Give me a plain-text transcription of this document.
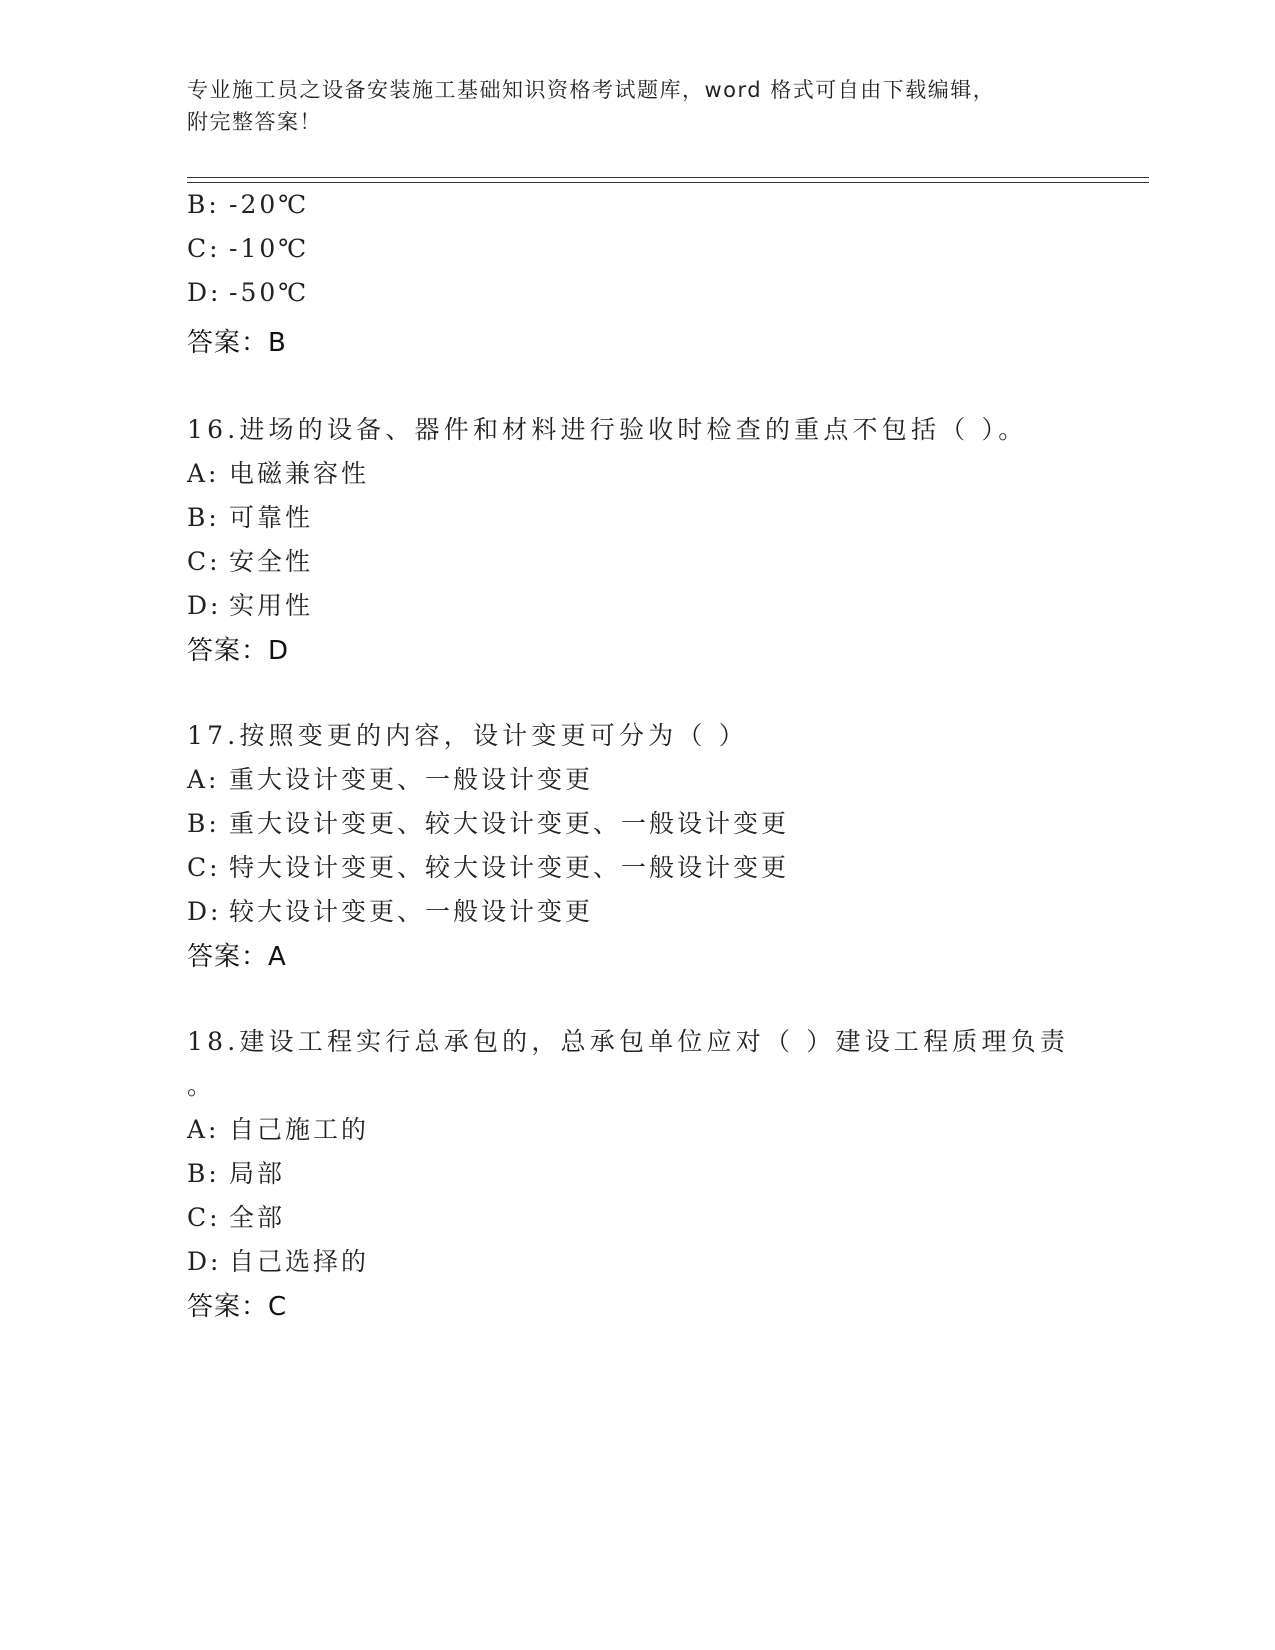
专业施工员之设备安装施工基础知识资格考试题库，word 格式可自由下载编辑，
附完整答案！
B: -20℃
C: -10℃
D: -50℃
答案：B
16.进场的设备、器件和材料进行验收时检查的重点不包括（ ）。
A: 电磁兼容性
B: 可靠性
C: 安全性
D: 实用性
答案：D
17.按照变更的内容，设计变更可分为（ ）
A: 重大设计变更、一般设计变更
B: 重大设计变更、较大设计变更、一般设计变更
C: 特大设计变更、较大设计变更、一般设计变更
D: 较大设计变更、一般设计变更
答案：A
18.建设工程实行总承包的，总承包单位应对（ ）建设工程质理负责
。
A: 自己施工的
B: 局部
C: 全部
D: 自己选择的
答案：C
